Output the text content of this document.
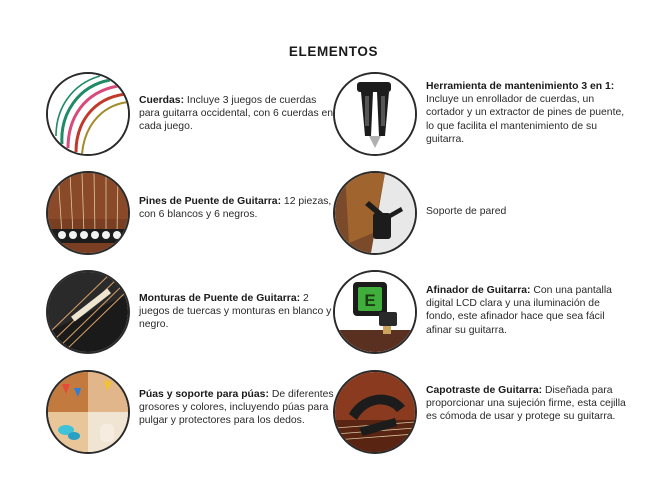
ELEMENTOS
Cuerdas: Incluye 3 juegos de cuerdas para guitarra occidental, con 6 cuerdas en cada juego.
Pines de Puente de Guitarra: 12 piezas, con 6 blancos y 6 negros.
Monturas de Puente de Guitarra: 2 juegos de tuercas y monturas en blanco y negro.
Púas y soporte para púas: De diferentes grosores y colores, incluyendo púas para pulgar y protectores para los dedos.
Herramienta de mantenimiento 3 en 1: Incluye un enrollador de cuerdas, un cortador y un extractor de pines de puente, lo que facilita el mantenimiento de su guitarra.
Soporte de pared
E
Afinador de Guitarra: Con una pantalla digital LCD clara y una iluminación de fondo, este afinador hace que sea fácil afinar su guitarra.
Capotraste de Guitarra: Diseñada para proporcionar una sujeción firme, esta cejilla es cómoda de usar y protege su guitarra.
